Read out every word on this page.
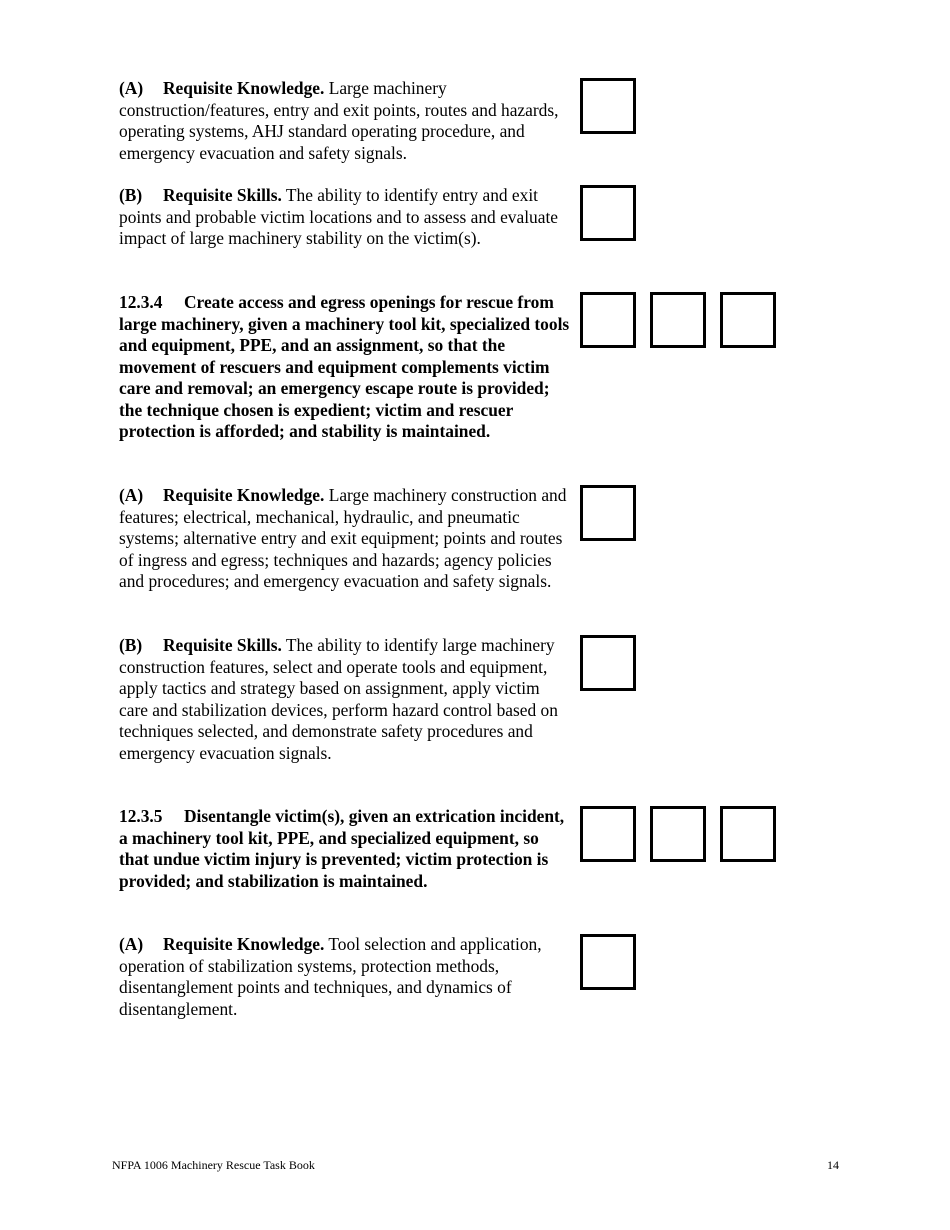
(A) Requisite Knowledge. Large machinery construction/features, entry and exit points, routes and hazards, operating systems, AHJ standard operating procedure, and emergency evacuation and safety signals.

(B) Requisite Skills. The ability to identify entry and exit points and probable victim locations and to assess and evaluate impact of large machinery stability on the victim(s).

12.3.4 Create access and egress openings for rescue from large machinery, given a machinery tool kit, specialized tools and equipment, PPE, and an assignment, so that the movement of rescuers and equipment complements victim care and removal; an emergency escape route is provided; the technique chosen is expedient; victim and rescuer protection is afforded; and stability is maintained.

(A) Requisite Knowledge. Large machinery construction and features; electrical, mechanical, hydraulic, and pneumatic systems; alternative entry and exit equipment; points and routes of ingress and egress; techniques and hazards; agency policies and procedures; and emergency evacuation and safety signals.

(B) Requisite Skills. The ability to identify large machinery construction features, select and operate tools and equipment, apply tactics and strategy based on assignment, apply victim care and stabilization devices, perform hazard control based on techniques selected, and demonstrate safety procedures and emergency evacuation signals.

12.3.5 Disentangle victim(s), given an extrication incident, a machinery tool kit, PPE, and specialized equipment, so that undue victim injury is prevented; victim protection is provided; and stabilization is maintained.

(A) Requisite Knowledge. Tool selection and application, operation of stabilization systems, protection methods, disentanglement points and techniques, and dynamics of disentanglement.

NFPA 1006 Machinery Rescue Task Book	14
